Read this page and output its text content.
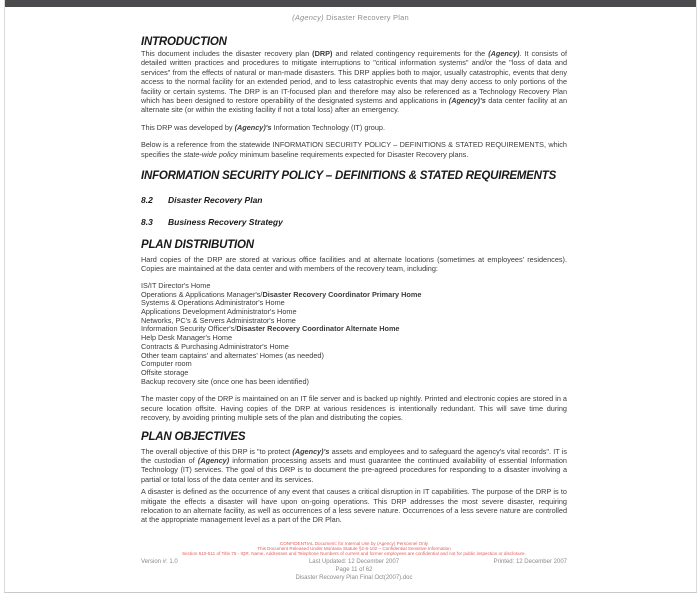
(Agency) Disaster Recovery Plan
INTRODUCTION

This document includes the disaster recovery plan (DRP) and related contingency requirements for the (Agency). It consists of detailed written practices and procedures to mitigate interruptions to "critical information systems" and/or the "loss of data and services" from the effects of natural or man-made disasters. This DRP applies both to major, usually catastrophic, events that deny access to the normal facility for an extended period, and to less catastrophic events that may deny access to only portions of the facility or certain systems. The DRP is an IT-focused plan and therefore may also be referenced as a Technology Recovery Plan which has been designed to restore operability of the designated systems and applications in (Agency)'s data center facility at an alternate site (or within the existing facility if not a total loss) after an emergency.

This DRP was developed by (Agency)'s Information Technology (IT) group.

Below is a reference from the statewide INFORMATION SECURITY POLICY – DEFINITIONS & STATED REQUIREMENTS, which specifies the state-wide policy minimum baseline requirements expected for Disaster Recovery plans.

INFORMATION SECURITY POLICY – DEFINITIONS & STATED REQUIREMENTS
8.2 Disaster Recovery Plan
8.3 Business Recovery Strategy
PLAN DISTRIBUTION

Hard copies of the DRP are stored at various office facilities and at alternate locations (sometimes at employees' residences). Copies are maintained at the data center and with members of the recovery team, including:

IS/IT Director's Home
Operations & Applications Manager's/Disaster Recovery Coordinator Primary Home
Systems & Operations Administrator's Home
Applications Development Administrator's Home
Networks, PC's & Servers Administrator's Home
Information Security Officer's/Disaster Recovery Coordinator Alternate Home
Help Desk Manager's Home
Contracts & Purchasing Administrator's Home
Other team captains' and alternates' Homes (as needed)
Computer room
Offsite storage
Backup recovery site (once one has been identified)

The master copy of the DRP is maintained on an IT file server and is backed up nightly. Printed and electronic copies are stored in a secure location offsite. Having copies of the DRP at various residences is intentionally redundant. This will save time during recovery, by avoiding printing multiple sets of the plan and distributing the copies.

PLAN OBJECTIVES

The overall objective of this DRP is "to protect (Agency)'s assets and employees and to safeguard the agency's vital records". IT is the custodian of (Agency) information processing assets and must guarantee the continued availability of essential Information Technology (IT) services. The goal of this DRP is to document the pre-agreed procedures for responding to a disaster involving a partial or total loss of the data center and its services.

A disaster is defined as the occurrence of any event that causes a critical disruption in IT capabilities. The purpose of the DRP is to mitigate the effects a disaster will have upon on-going operations. This DRP addresses the most severe disaster, requiring relocation to an alternate facility, as well as occurrences of a less severe nature. Occurrences of a less severe nature are controlled at the appropriate management level as a part of the DR Plan.

CONFIDENTIAL Document: for Internal Use by (Agency) Personnel Only
This Document Released Under Montana Statute §2-6-102 – Confidential Sensitive Information
Section 510-511 of Title 75 - IQR, Name, Addresses and Telephone Numbers of current and former employees are confidential and not for public inspection or disclosure.
Version #: 1.0	Last Updated: 12 December 2007	Printed: 12 December 2007
Page 11 of 62
Disaster Recovery Plan Final Oct(2007).doc
